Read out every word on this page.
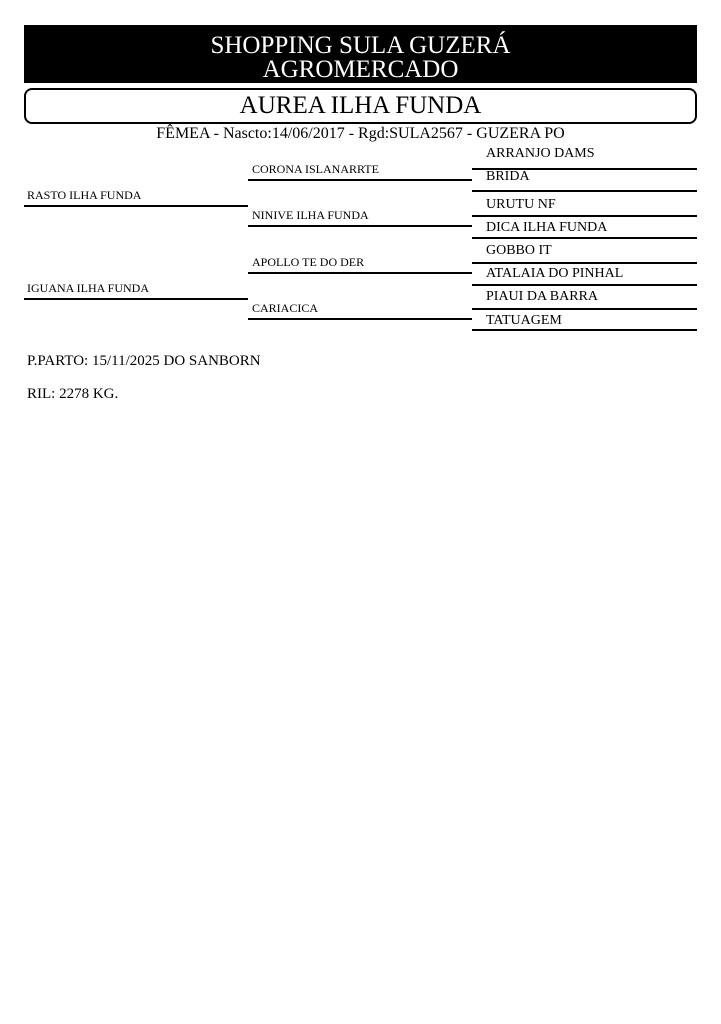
SHOPPING SULA GUZERÁ
AGROMERCADO
AUREA ILHA FUNDA
FÊMEA - Nascto:14/06/2017 - Rgd:SULA2567 - GUZERA PO
RASTO ILHA FUNDA
IGUANA ILHA FUNDA
CORONA ISLANARRTE
NINIVE ILHA FUNDA
APOLLO TE DO DER
CARIACICA
ARRANJO DAMS
BRIDA
URUTU NF
DICA ILHA FUNDA
GOBBO IT
ATALAIA DO PINHAL
PIAUI DA BARRA
TATUAGEM
P.PARTO: 15/11/2025 DO SANBORN
RIL: 2278 KG.
